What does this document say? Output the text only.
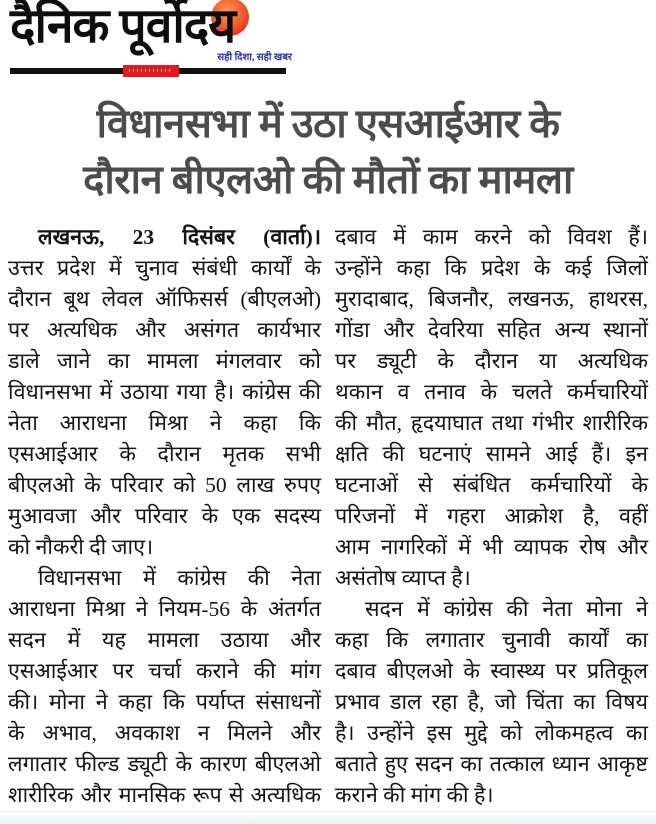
दैनिक पूर्वोदय
सही दिशा, सही खबर
विधानसभा में उठा एसआईआर के
दौरान बीएलओ की मौतों का मामला
लखनऊ, 23 दिसंबर (वार्ता)।
उत्तर प्रदेश में चुनाव संबंधी कार्यों के
दौरान बूथ लेवल ऑफिसर्स (बीएलओ)
पर अत्यधिक और असंगत कार्यभार
डाले जाने का मामला मंगलवार को
विधानसभा में उठाया गया है। कांग्रेस की
नेता आराधना मिश्रा ने कहा कि
एसआईआर के दौरान मृतक सभी
बीएलओ के परिवार को 50 लाख रुपए
मुआवजा और परिवार के एक सदस्य
को नौकरी दी जाए।
विधानसभा में कांग्रेस की नेता
आराधना मिश्रा ने नियम-56 के अंतर्गत
सदन में यह मामला उठाया और
एसआईआर पर चर्चा कराने की मांग
की। मोना ने कहा कि पर्याप्त संसाधनों
के अभाव, अवकाश न मिलने और
लगातार फील्ड ड्यूटी के कारण बीएलओ
शारीरिक और मानसिक रूप से अत्यधिक
दबाव में काम करने को विवश हैं।
उन्होंने कहा कि प्रदेश के कई जिलों
मुरादाबाद, बिजनौर, लखनऊ, हाथरस,
गोंडा और देवरिया सहित अन्य स्थानों
पर ड्यूटी के दौरान या अत्यधिक
थकान व तनाव के चलते कर्मचारियों
की मौत, हृदयाघात तथा गंभीर शारीरिक
क्षति की घटनाएं सामने आई हैं। इन
घटनाओं से संबंधित कर्मचारियों के
परिजनों में गहरा आक्रोश है, वहीं
आम नागरिकों में भी व्यापक रोष और
असंतोष व्याप्त है।
सदन में कांग्रेस की नेता मोना ने
कहा कि लगातार चुनावी कार्यों का
दबाव बीएलओ के स्वास्थ्य पर प्रतिकूल
प्रभाव डाल रहा है, जो चिंता का विषय
है। उन्होंने इस मुद्दे को लोकमहत्व का
बताते हुए सदन का तत्काल ध्यान आकृष्ट
कराने की मांग की है।
